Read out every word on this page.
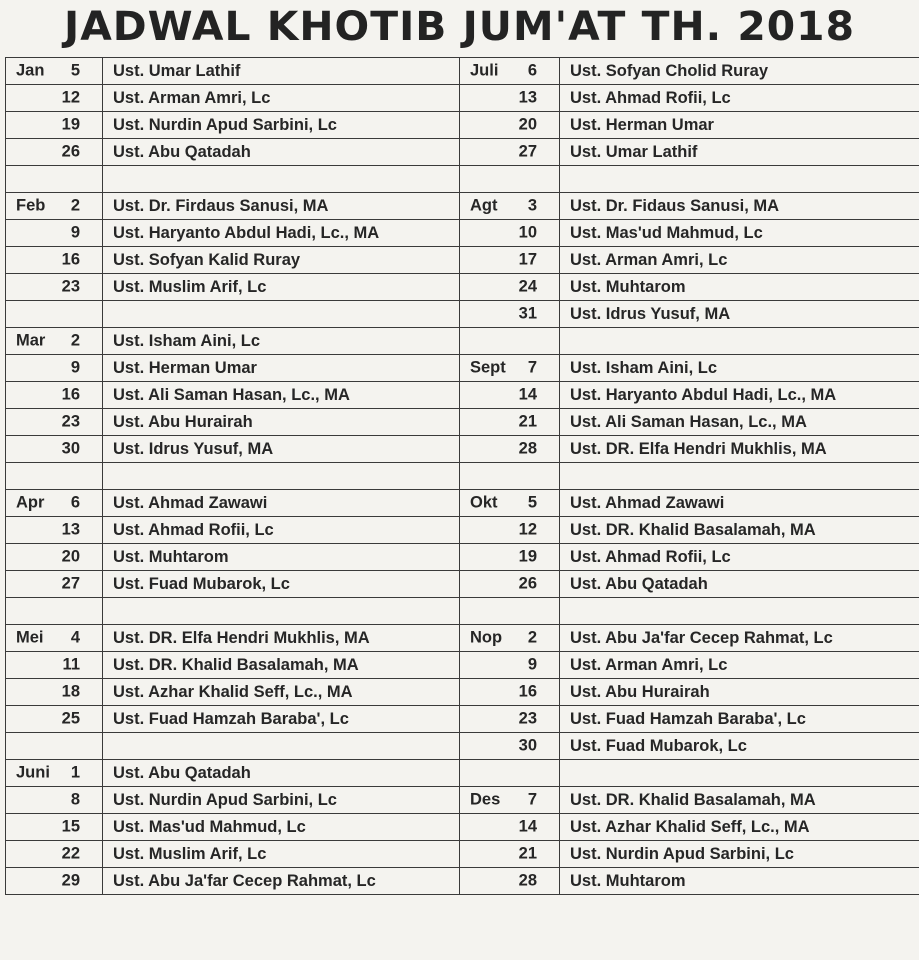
JADWAL KHOTIB JUM'AT TH. 2018
Jan 5	Ust. Umar Lathif	Juli 6	Ust. Sofyan Cholid Ruray

12	Ust. Arman Amri, Lc	13	Ust. Ahmad Rofii, Lc

19	Ust. Nurdin Apud Sarbini, Lc	20	Ust. Herman Umar

26	Ust. Abu Qatadah	27	Ust. Umar Lathif

Feb 2	Ust. Dr. Firdaus Sanusi, MA	Agt 3	Ust. Dr. Fidaus Sanusi, MA

9	Ust. Haryanto Abdul Hadi, Lc., MA	10	Ust. Mas'ud Mahmud, Lc

16	Ust. Sofyan Kalid Ruray	17	Ust. Arman Amri, Lc

23	Ust. Muslim Arif, Lc	24	Ust. Muhtarom

		31	Ust. Idrus Yusuf, MA

Mar 2	Ust. Isham Aini, Lc	

9	Ust. Herman Umar	Sept 7	Ust. Isham Aini, Lc

16	Ust. Ali Saman Hasan, Lc., MA	14	Ust. Haryanto Abdul Hadi, Lc., MA

23	Ust. Abu Hurairah	21	Ust. Ali Saman Hasan, Lc., MA

30	Ust. Idrus Yusuf, MA	28	Ust. DR. Elfa Hendri Mukhlis, MA

Apr 6	Ust. Ahmad Zawawi	Okt 5	Ust. Ahmad Zawawi

13	Ust. Ahmad Rofii, Lc	12	Ust. DR. Khalid Basalamah, MA

20	Ust. Muhtarom	19	Ust. Ahmad Rofii, Lc

27	Ust. Fuad Mubarok, Lc	26	Ust. Abu Qatadah

Mei 4	Ust. DR. Elfa Hendri Mukhlis, MA	Nop 2	Ust. Abu Ja'far Cecep Rahmat, Lc

11	Ust. DR. Khalid Basalamah, MA	9	Ust. Arman Amri, Lc

18	Ust. Azhar Khalid Seff, Lc., MA	16	Ust. Abu Hurairah

25	Ust. Fuad Hamzah Baraba', Lc	23	Ust. Fuad Hamzah Baraba', Lc

		30	Ust. Fuad Mubarok, Lc

Juni 1	Ust. Abu Qatadah	

8	Ust. Nurdin Apud Sarbini, Lc	Des 7	Ust. DR. Khalid Basalamah, MA

15	Ust. Mas'ud Mahmud, Lc	14	Ust. Azhar Khalid Seff, Lc., MA

22	Ust. Muslim Arif, Lc	21	Ust. Nurdin Apud Sarbini, Lc

29	Ust. Abu Ja'far Cecep Rahmat, Lc	28	Ust. Muhtarom
